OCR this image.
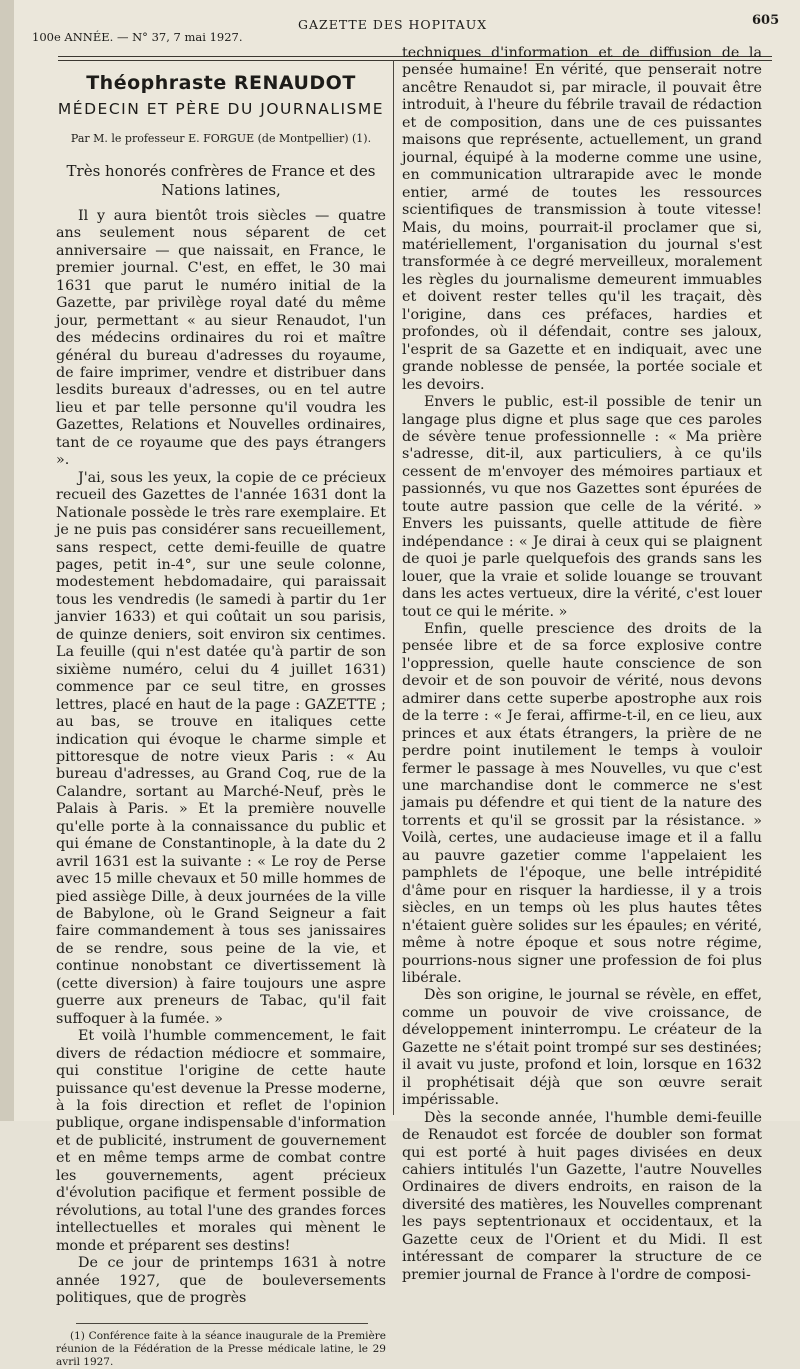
100e ANNÉE. — N° 37, 7 mai 1927.
GAZETTE DES HOPITAUX	605
Théophraste RENAUDOT
MÉDECIN ET PÈRE DU JOURNALISME
Par M. le professeur E. FORGUE (de Montpellier) (1).
Très honorés confrères de France et des Nations latines,

Il y aura bientôt trois siècles — quatre ans seulement nous séparent de cet anniversaire — que naissait, en France, le premier journal. C'est, en effet, le 30 mai 1631 que parut le numéro initial de la Gazette, par privilège royal daté du même jour, permettant « au sieur Renaudot, l'un des médecins ordinaires du roi et maître général du bureau d'adresses du royaume, de faire imprimer, vendre et distribuer dans lesdits bureaux d'adresses, ou en tel autre lieu et par telle personne qu'il voudra les Gazettes, Relations et Nouvelles ordinaires, tant de ce royaume que des pays étrangers ».

J'ai, sous les yeux, la copie de ce précieux recueil des Gazettes de l'année 1631 dont la Nationale possède le très rare exemplaire. Et je ne puis pas considérer sans recueillement, sans respect, cette demi-feuille de quatre pages, petit in-4°, sur une seule colonne, modestement hebdomadaire, qui paraissait tous les vendredis (le samedi à partir du 1er janvier 1633) et qui coûtait un sou parisis, de quinze deniers, soit environ six centimes. La feuille (qui n'est datée qu'à partir de son sixième numéro, celui du 4 juillet 1631) commence par ce seul titre, en grosses lettres, placé en haut de la page : GAZETTE ; au bas, se trouve en italiques cette indication qui évoque le charme simple et pittoresque de notre vieux Paris : « Au bureau d'adresses, au Grand Coq, rue de la Calandre, sortant au Marché-Neuf, près le Palais à Paris. » Et la première nouvelle qu'elle porte à la connaissance du public et qui émane de Constantinople, à la date du 2 avril 1631 est la suivante : « Le roy de Perse avec 15 mille chevaux et 50 mille hommes de pied assiège Dille, à deux journées de la ville de Babylone, où le Grand Seigneur a fait faire commandement à tous ses janissaires de se rendre, sous peine de la vie, et continue nonobstant ce divertissement là (cette diversion) à faire toujours une aspre guerre aux preneurs de Tabac, qu'il fait suffoquer à la fumée. »

Et voilà l'humble commencement, le fait divers de rédaction médiocre et sommaire, qui constitue l'origine de cette haute puissance qu'est devenue la Presse moderne, à la fois direction et reflet de l'opinion publique, organe indispensable d'information et de publicité, instrument de gouvernement et en même temps arme de combat contre les gouvernements, agent précieux d'évolution pacifique et ferment possible de révolutions, au total l'une des grandes forces intellectuelles et morales qui mènent le monde et préparent ses destins!

De ce jour de printemps 1631 à notre année 1927, que de bouleversements politiques, que de progrès

(1) Conférence faite à la séance inaugurale de la Première réunion de la Fédération de la Presse médicale latine, le 29 avril 1927.

techniques d'information et de diffusion de la pensée humaine! En vérité, que penserait notre ancêtre Renaudot si, par miracle, il pouvait être introduit, à l'heure du fébrile travail de rédaction et de composition, dans une de ces puissantes maisons que représente, actuellement, un grand journal, équipé à la moderne comme une usine, en communication ultrarapide avec le monde entier, armé de toutes les ressources scientifiques de transmission à toute vitesse! Mais, du moins, pourrait-il proclamer que si, matériellement, l'organisation du journal s'est transformée à ce degré merveilleux, moralement les règles du journalisme demeurent immuables et doivent rester telles qu'il les traçait, dès l'origine, dans ces préfaces, hardies et profondes, où il défendait, contre ses jaloux, l'esprit de sa Gazette et en indiquait, avec une grande noblesse de pensée, la portée sociale et les devoirs.

Envers le public, est-il possible de tenir un langage plus digne et plus sage que ces paroles de sévère tenue professionnelle : « Ma prière s'adresse, dit-il, aux particuliers, à ce qu'ils cessent de m'envoyer des mémoires partiaux et passionnés, vu que nos Gazettes sont épurées de toute autre passion que celle de la vérité. » Envers les puissants, quelle attitude de fière indépendance : « Je dirai à ceux qui se plaignent de quoi je parle quelquefois des grands sans les louer, que la vraie et solide louange se trouvant dans les actes vertueux, dire la vérité, c'est louer tout ce qui le mérite. »

Enfin, quelle prescience des droits de la pensée libre et de sa force explosive contre l'oppression, quelle haute conscience de son devoir et de son pouvoir de vérité, nous devons admirer dans cette superbe apostrophe aux rois de la terre : « Je ferai, affirme-t-il, en ce lieu, aux princes et aux états étrangers, la prière de ne perdre point inutilement le temps à vouloir fermer le passage à mes Nouvelles, vu que c'est une marchandise dont le commerce ne s'est jamais pu défendre et qui tient de la nature des torrents et qu'il se grossit par la résistance. » Voilà, certes, une audacieuse image et il a fallu au pauvre gazetier comme l'appelaient les pamphlets de l'époque, une belle intrépidité d'âme pour en risquer la hardiesse, il y a trois siècles, en un temps où les plus hautes têtes n'étaient guère solides sur les épaules; en vérité, même à notre époque et sous notre régime, pourrions-nous signer une profession de foi plus libérale.

Dès son origine, le journal se révèle, en effet, comme un pouvoir de vive croissance, de développement ininterrompu. Le créateur de la Gazette ne s'était point trompé sur ses destinées; il avait vu juste, profond et loin, lorsque en 1632 il prophétisait déjà que son œuvre serait impérissable.

Dès la seconde année, l'humble demi-feuille de Renaudot est forcée de doubler son format qui est porté à huit pages divisées en deux cahiers intitulés l'un Gazette, l'autre Nouvelles Ordinaires de divers endroits, en raison de la diversité des matières, les Nouvelles comprenant les pays septentrionaux et occidentaux, et la Gazette ceux de l'Orient et du Midi. Il est intéressant de comparer la structure de ce premier journal de France à l'ordre de composi-
